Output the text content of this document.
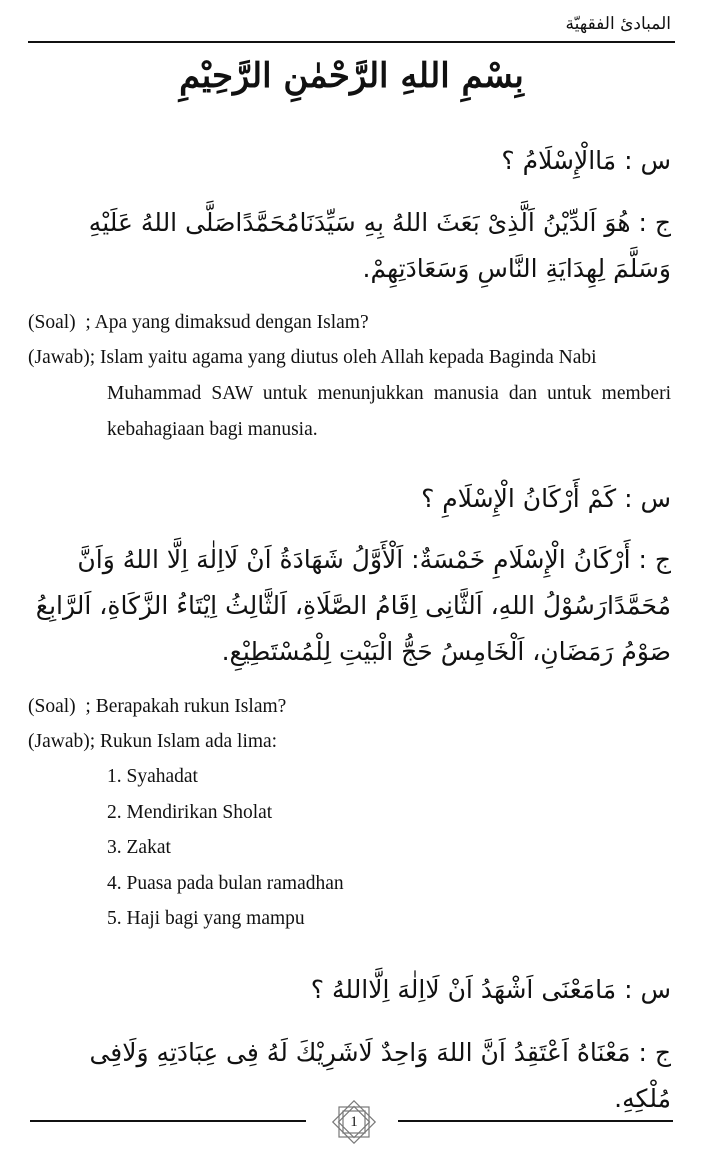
المبادئ الفقهيّة
بِسْمِ اللهِ الرَّحْمٰنِ الرَّحِيْمِ
س : مَاالْإِسْلَامُ ؟
ج : هُوَ اَلدِّيْنُ اَلَّذِىْ بَعَثَ اللهُ بِهِ سَيِّدَنَامُحَمَّدًاصَلَّى اللهُ عَلَيْهِ وَسَلَّمَ لِهِدَايَةِ النَّاسِ وَسَعَادَتِهِمْ.
(Soal) ; Apa yang dimaksud dengan Islam?
(Jawab) ; Islam yaitu agama yang diutus oleh Allah kepada Baginda Nabi
Muhammad SAW untuk menunjukkan manusia dan untuk memberi kebahagiaan bagi manusia.
س : كَمْ أَرْكَانُ الْإِسْلَامِ ؟
ج : أَرْكَانُ الْإِسْلَامِ خَمْسَةٌ: اَلْأَوَّلُ شَهَادَةُ اَنْ لَااِلٰهَ اِلَّا اللهُ وَاَنَّ مُحَمَّدًارَسُوْلُ اللهِ، اَلثَّانِى اِقَامُ الصَّلَاةِ، اَلثَّالِثُ اِيْتَاءُ الزَّكَاةِ، اَلرَّابِعُ صَوْمُ رَمَضَانِ، اَلْخَامِسُ حَجُّ الْبَيْتِ لِلْمُسْتَطِيْعِ.
(Soal) ; Berapakah rukun Islam?
(Jawab) ; Rukun Islam ada lima:
1. Syahadat
2. Mendirikan Sholat
3. Zakat
4. Puasa pada bulan ramadhan
5. Haji bagi yang mampu
س : مَامَعْنَى اَشْهَدُ اَنْ لَااِلٰهَ اِلَّااللهُ ؟
ج : مَعْنَاهُ اَعْتَقِدُ اَنَّ اللهَ وَاحِدٌ لَاشَرِيْكَ لَهُ فِى عِبَادَتِهِ وَلَافِى مُلْكِهِ.
1
